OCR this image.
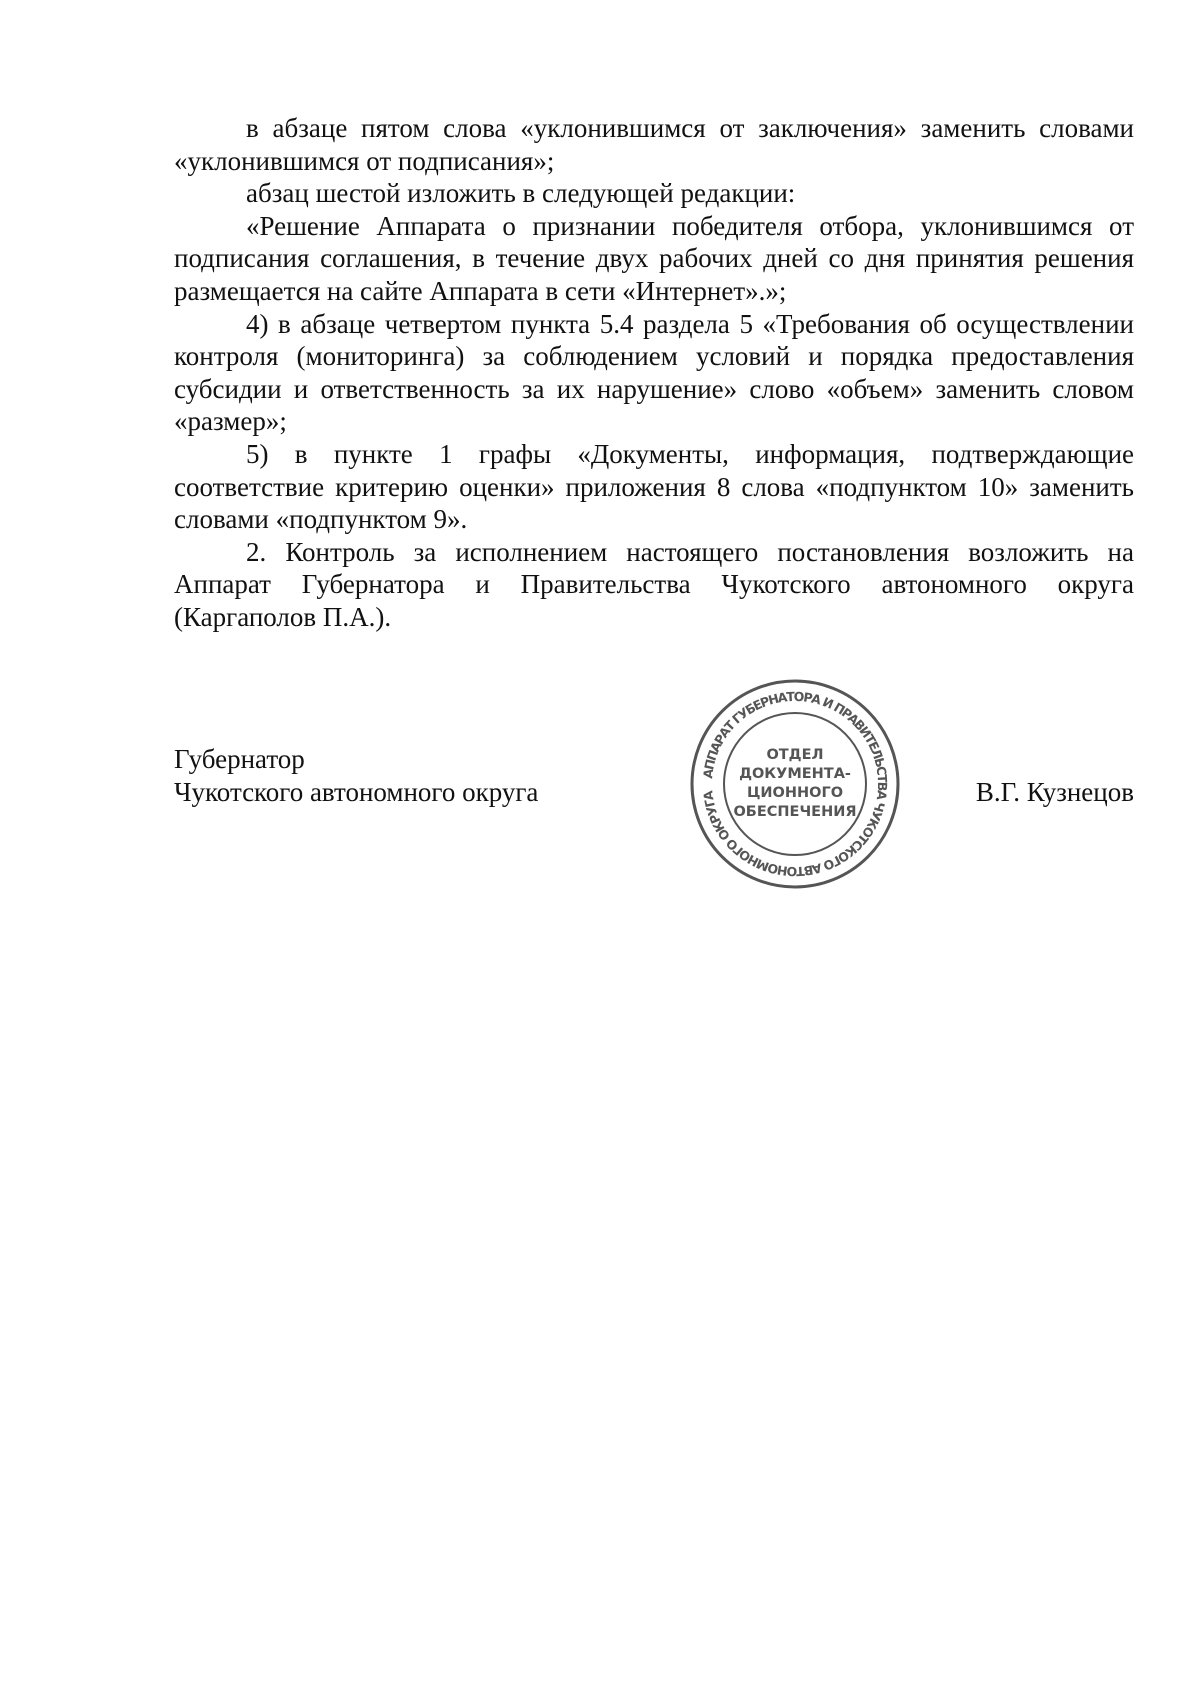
в абзаце пятом слова «уклонившимся от заключения» заменить словами «уклонившимся от подписания»;

абзац шестой изложить в следующей редакции:

«Решение Аппарата о признании победителя отбора, уклонившимся от подписания соглашения, в течение двух рабочих дней со дня принятия решения размещается на сайте Аппарата в сети «Интернет».»;

4) в абзаце четвертом пункта 5.4 раздела 5 «Требования об осуществлении контроля (мониторинга) за соблюдением условий и порядка предоставления субсидии и ответственность за их нарушение» слово «объем» заменить словом «размер»;

5) в пункте 1 графы «Документы, информация, подтверждающие соответствие критерию оценки» приложения 8 слова «подпунктом 10» заменить словами «подпунктом 9».

2. Контроль за исполнением настоящего постановления возложить на Аппарат Губернатора и Правительства Чукотского автономного округа (Каргаполов П.А.).

Губернатор
Чукотского автономного округа
АППАРАТ ГУБЕРНАТОРА И ПРАВИТЕЛЬСТВА ЧУКОТСКОГО АВТОНОМНОГО ОКРУГА
ОТДЕЛ
ДОКУМЕНТА-
ЦИОННОГО
ОБЕСПЕЧЕНИЯ
В.Г. Кузнецов
